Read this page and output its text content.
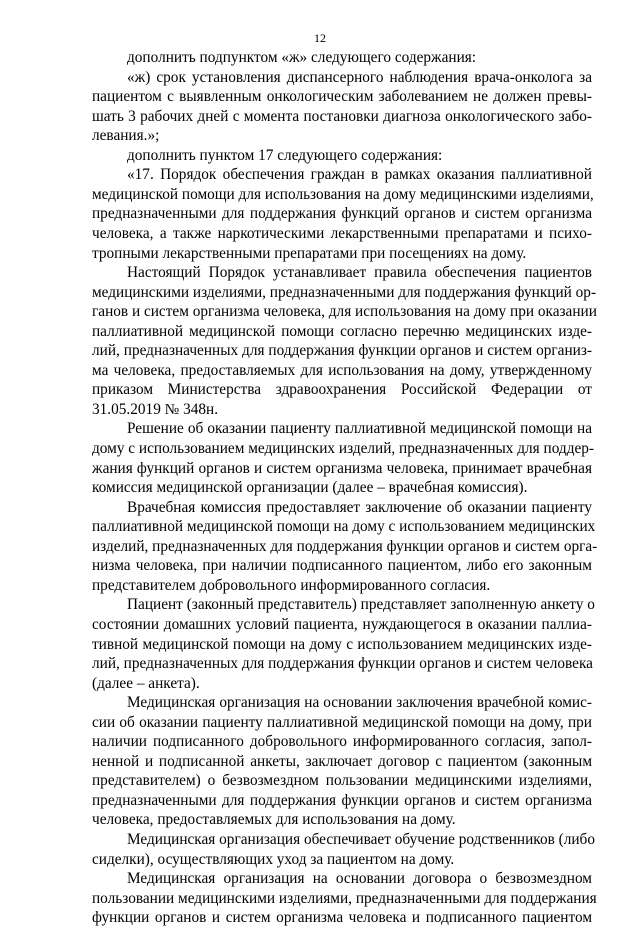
12
дополнить подпунктом «ж» следующего содержания:
«ж) срок установления диспансерного наблюдения врача-онколога за
пациентом с выявленным онкологическим заболеванием не должен превы-
шать 3 рабочих дней с момента постановки диагноза онкологического забо-
левания.»;
дополнить пунктом 17 следующего содержания:
«17. Порядок обеспечения граждан в рамках оказания паллиативной
медицинской помощи для использования на дому медицинскими изделиями,
предназначенными для поддержания функций органов и систем организма
человека, а также наркотическими лекарственными препаратами и психо-
тропными лекарственными препаратами при посещениях на дому.
Настоящий Порядок устанавливает правила обеспечения пациентов
медицинскими изделиями, предназначенными для поддержания функций ор-
ганов и систем организма человека, для использования на дому при оказании
паллиативной медицинской помощи согласно перечню медицинских изде-
лий, предназначенных для поддержания функции органов и систем организ-
ма человека, предоставляемых для использования на дому, утвержденному
приказом Министерства здравоохранения Российской Федерации от
31.05.2019 № 348н.
Решение об оказании пациенту паллиативной медицинской помощи на
дому с использованием медицинских изделий, предназначенных для поддер-
жания функций органов и систем организма человека, принимает врачебная
комиссия медицинской организации (далее – врачебная комиссия).
Врачебная комиссия предоставляет заключение об оказании пациенту
паллиативной медицинской помощи на дому с использованием медицинских
изделий, предназначенных для поддержания функции органов и систем орга-
низма человека, при наличии подписанного пациентом, либо его законным
представителем добровольного информированного согласия.
Пациент (законный представитель) представляет заполненную анкету о
состоянии домашних условий пациента, нуждающегося в оказании паллиа-
тивной медицинской помощи на дому с использованием медицинских изде-
лий, предназначенных для поддержания функции органов и систем человека
(далее – анкета).
Медицинская организация на основании заключения врачебной комис-
сии об оказании пациенту паллиативной медицинской помощи на дому, при
наличии подписанного добровольного информированного согласия, запол-
ненной и подписанной анкеты, заключает договор с пациентом (законным
представителем) о безвозмездном пользовании медицинскими изделиями,
предназначенными для поддержания функции органов и систем организма
человека, предоставляемых для использования на дому.
Медицинская организация обеспечивает обучение родственников (либо
сиделки), осуществляющих уход за пациентом на дому.
Медицинская организация на основании договора о безвозмездном
пользовании медицинскими изделиями, предназначенными для поддержания
функции органов и систем организма человека и подписанного пациентом
